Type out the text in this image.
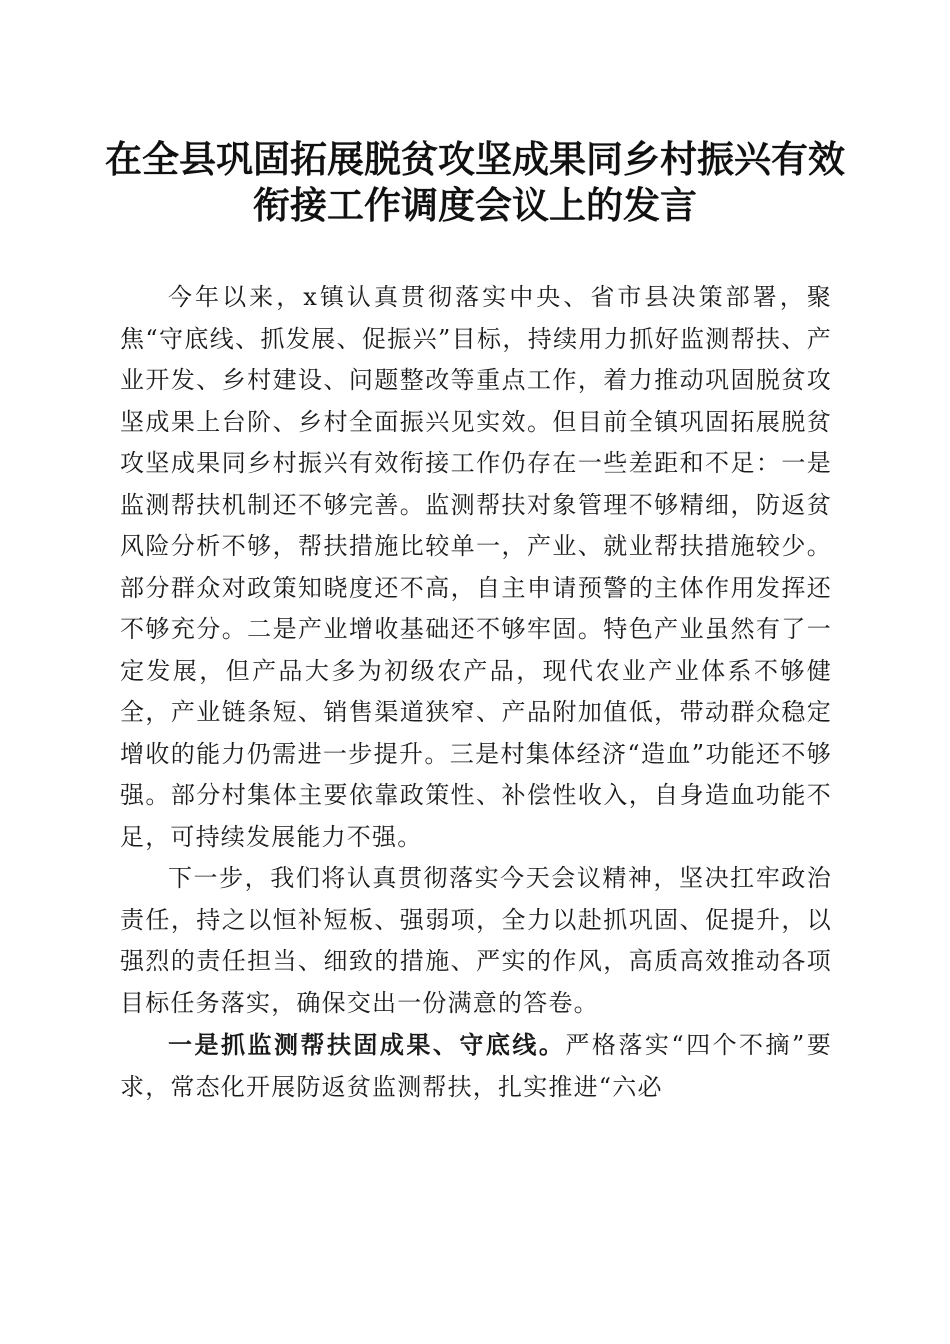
在全县巩固拓展脱贫攻坚成果同乡村振兴有效
衔接工作调度会议上的发言

今年以来，x镇认真贯彻落实中央、省市县决策部署，聚焦“守底线、抓发展、促振兴”目标，持续用力抓好监测帮扶、产业开发、乡村建设、问题整改等重点工作，着力推动巩固脱贫攻坚成果上台阶、乡村全面振兴见实效。但目前全镇巩固拓展脱贫攻坚成果同乡村振兴有效衔接工作仍存在一些差距和不足：一是监测帮扶机制还不够完善。监测帮扶对象管理不够精细，防返贫风险分析不够，帮扶措施比较单一，产业、就业帮扶措施较少。部分群众对政策知晓度还不高，自主申请预警的主体作用发挥还不够充分。二是产业增收基础还不够牢固。特色产业虽然有了一定发展，但产品大多为初级农产品，现代农业产业体系不够健全，产业链条短、销售渠道狭窄、产品附加值低，带动群众稳定增收的能力仍需进一步提升。三是村集体经济“造血”功能还不够强。部分村集体主要依靠政策性、补偿性收入，自身造血功能不足，可持续发展能力不强。

下一步，我们将认真贯彻落实今天会议精神，坚决扛牢政治责任，持之以恒补短板、强弱项，全力以赴抓巩固、促提升，以强烈的责任担当、细致的措施、严实的作风，高质高效推动各项目标任务落实，确保交出一份满意的答卷。

一是抓监测帮扶固成果、守底线。严格落实“四个不摘”要求，常态化开展防返贫监测帮扶，扎实推进“六必
